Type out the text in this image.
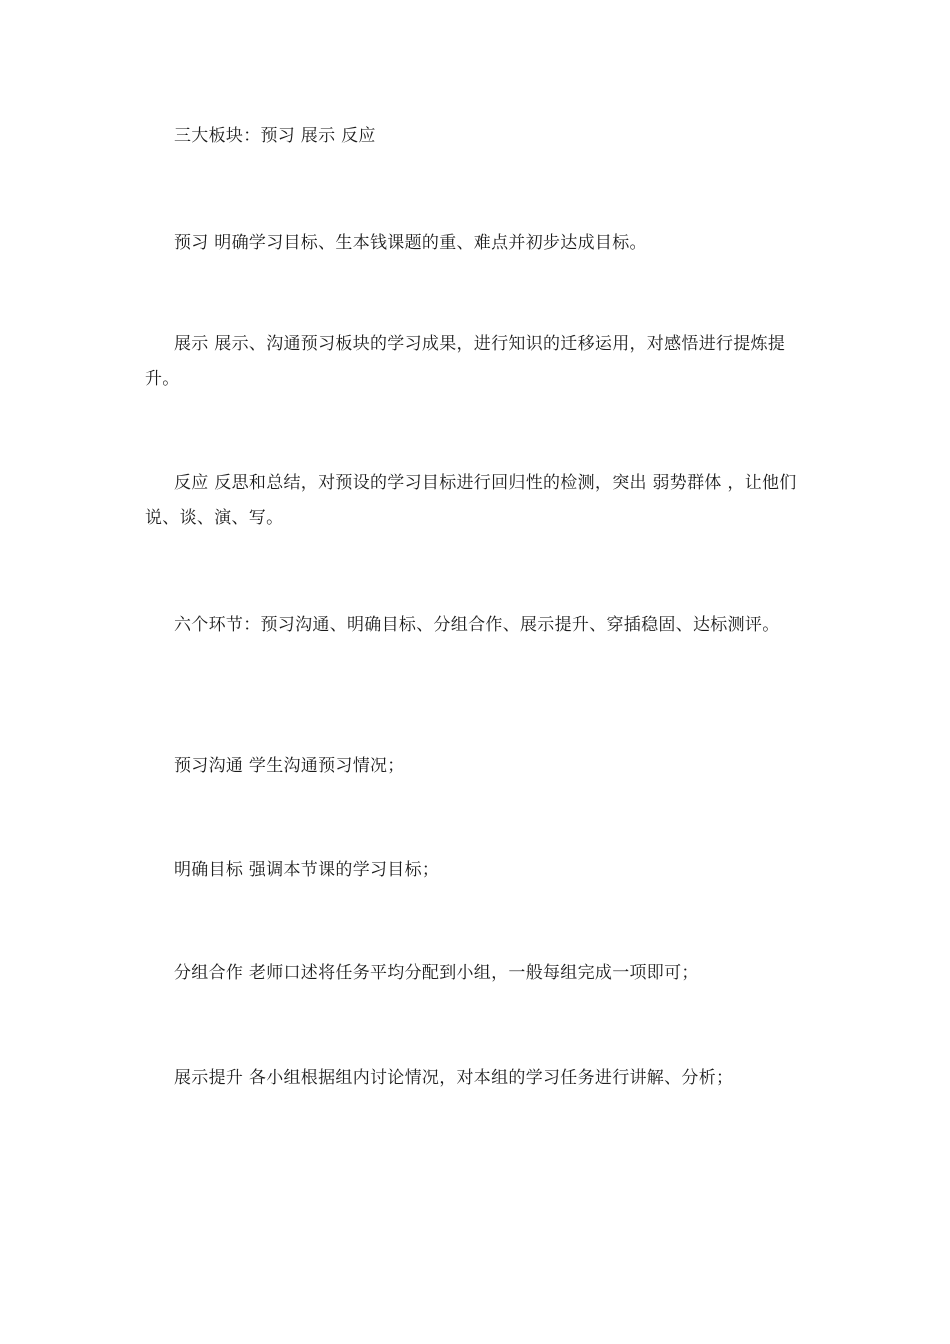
三大板块：预习 展示 反应

预习 明确学习目标、生本钱课题的重、难点并初步达成目标。

展示 展示、沟通预习板块的学习成果，进行知识的迁移运用，对感悟进行提炼提升。

反应 反思和总结，对预设的学习目标进行回归性的检测，突出 弱势群体 ，让他们说、谈、演、写。

六个环节：预习沟通、明确目标、分组合作、展示提升、穿插稳固、达标测评。

预习沟通 学生沟通预习情况；

明确目标 强调本节课的学习目标；

分组合作 老师口述将任务平均分配到小组，一般每组完成一项即可；

展示提升 各小组根据组内讨论情况，对本组的学习任务进行讲解、分析；
